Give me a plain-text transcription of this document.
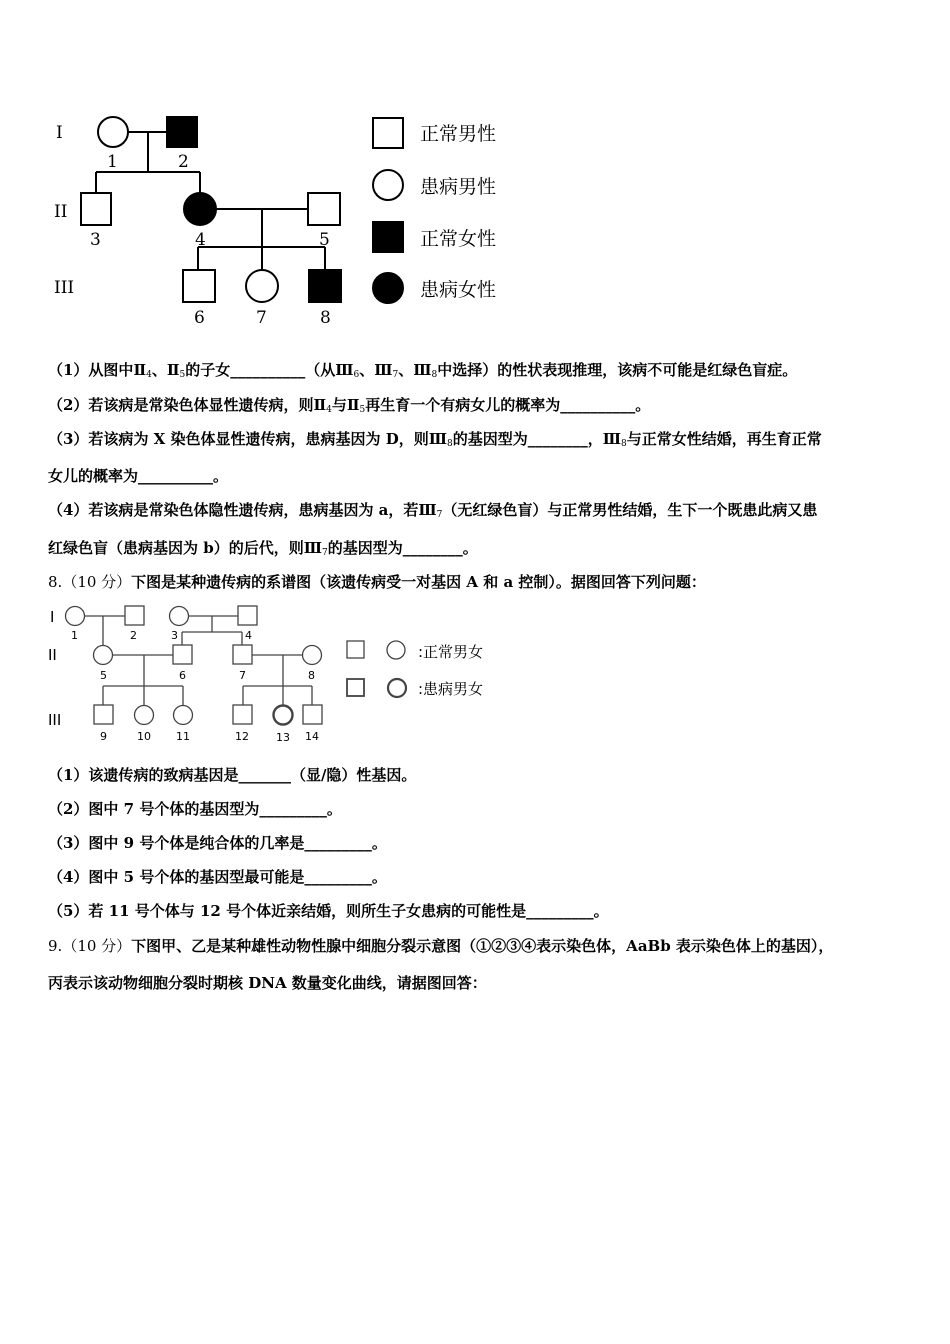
I
II
III
1	2
3	4	5
6	7	8
正常男性
患病男性
正常女性
患病女性
（1）从图中$Ⅱ_4$、$Ⅱ_5$的子女__________（从$Ⅲ_6$、$Ⅲ_7$、$Ⅲ_8$中选择）的性状表现推理，该病不可能是红绿色盲症。
（2）若该病是常染色体显性遗传病，则$Ⅱ_4$与$Ⅱ_5$再生育一个有病女儿的概率为__________。
（3）若该病为 X 染色体显性遗传病，患病基因为 D，则$Ⅲ_8$的基因型为________，$Ⅲ_8$与正常女性结婚，再生育正常
女儿的概率为__________。
（4）若该病是常染色体隐性遗传病，患病基因为 a，若$Ⅲ_7$（无红绿色盲）与正常男性结婚，生下一个既患此病又患
红绿色盲（患病基因为 b）的后代，则$Ⅲ_7$的基因型为________。
8.（10 分）下图是某种遗传病的系谱图（该遗传病受一对基因 A 和 a 控制）。据图回答下列问题：
I
II
III
1	2	3	4
5	6	7	8
9	10 11	12 13 14
:正常男女
:患病男女
（1）该遗传病的致病基因是_______（显/隐）性基因。
（2）图中 7 号个体的基因型为_________。
（3）图中 9 号个体是纯合体的几率是_________。
（4）图中 5 号个体的基因型最可能是_________。
（5）若 11 号个体与 12 号个体近亲结婚，则所生子女患病的可能性是_________。
9.（10 分）下图甲、乙是某种雄性动物性腺中细胞分裂示意图（①②③④表示染色体，AaBb 表示染色体上的基因），
丙表示该动物细胞分裂时期核 DNA 数量变化曲线，请据图回答：
